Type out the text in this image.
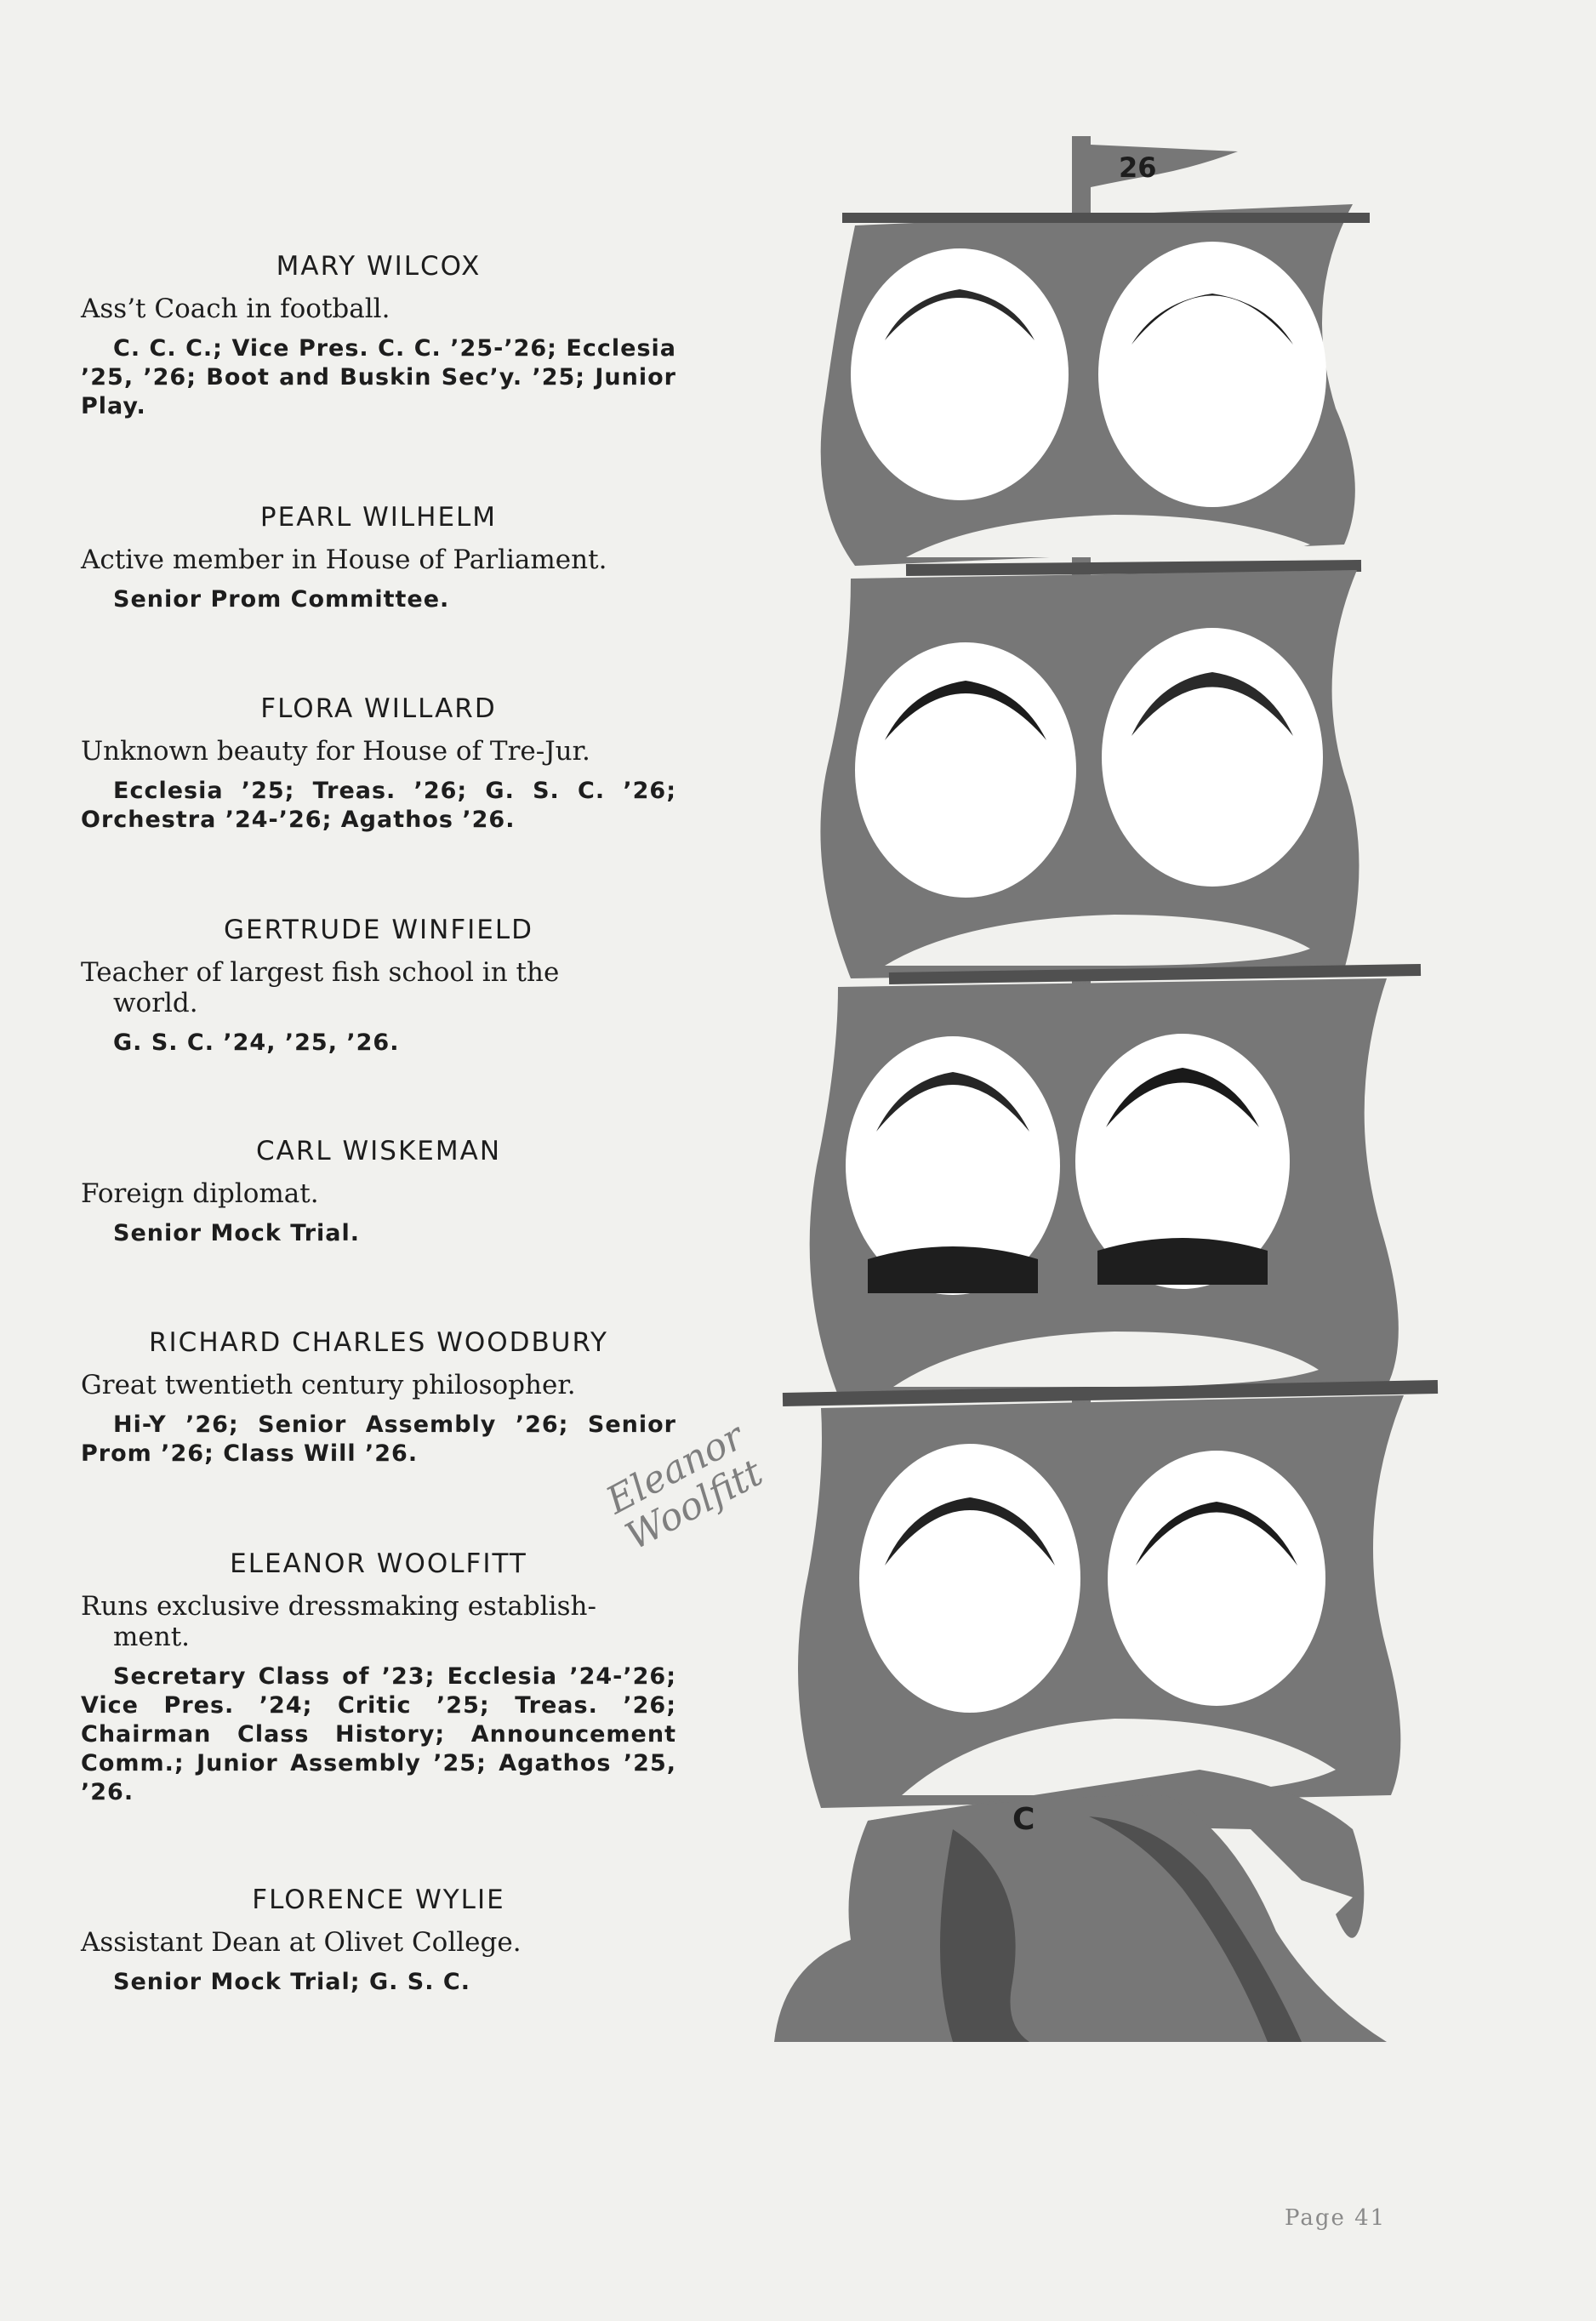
MARY WILCOX

Ass’t Coach in football.

C. C. C.; Vice Pres. C. C. ’25-’26; Ecclesia ’25, ’26; Boot and Buskin Sec’y. ’25; Junior Play.

PEARL WILHELM

Active member in House of Parliament.

Senior Prom Committee.

FLORA WILLARD

Unknown beauty for House of Tre-Jur.

Ecclesia ’25; Treas. ’26; G. S. C. ’26; Orchestra ’24-’26; Agathos ’26.

GERTRUDE WINFIELD

Teacher of largest fish school in the
world.

G. S. C. ’24, ’25, ’26.

CARL WISKEMAN

Foreign diplomat.

Senior Mock Trial.

RICHARD CHARLES WOODBURY

Great twentieth century philosopher.

Hi-Y ’26; Senior Assembly ’26; Senior Prom ’26; Class Will ’26.

ELEANOR WOOLFITT

Runs exclusive dressmaking establish-
ment.

Secretary Class of ’23; Ecclesia ’24-’26; Vice Pres. ’24; Critic ’25; Treas. ’26; Chairman Class History; Announcement Comm.; Junior Assembly ’25; Agathos ’25, ’26.

FLORENCE WYLIE

Assistant Dean at Olivet College.

Senior Mock Trial; G. S. C.

Eleanor Woolfitt
26
C
Page 41
